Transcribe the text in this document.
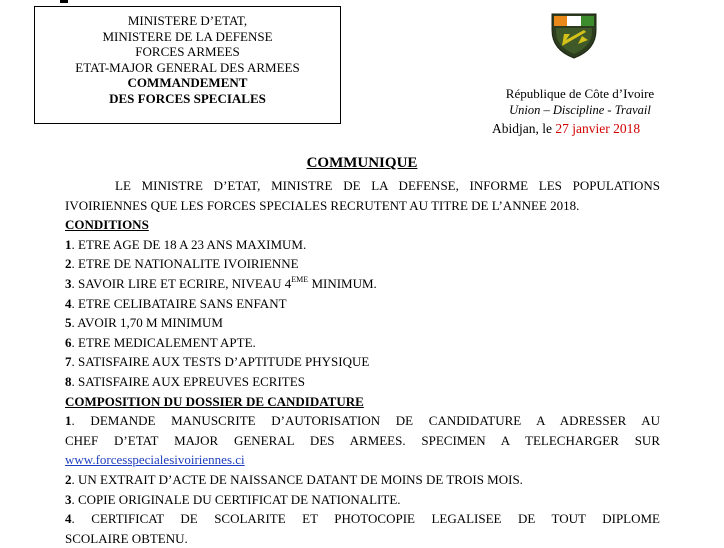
MINISTERE D’ETAT,
MINISTERE DE LA DEFENSE
FORCES ARMEES
ETAT-MAJOR GENERAL DES ARMEES
COMMANDEMENT
DES FORCES SPECIALES	République de Côte d’Ivoire
Union – Discipline - Travail
Abidjan, le 27 janvier 2018
COMMUNIQUE

LE MINISTRE D’ETAT, MINISTRE DE LA DEFENSE, INFORME LES POPULATIONS

IVOIRIENNES QUE LES FORCES SPECIALES RECRUTENT AU TITRE DE L’ANNEE 2018.

CONDITIONS

1. ETRE AGE DE 18 A 23 ANS MAXIMUM.

2. ETRE DE NATIONALITE IVOIRIENNE

3. SAVOIR LIRE ET ECRIRE, NIVEAU 4EME MINIMUM.

4. ETRE CELIBATAIRE SANS ENFANT

5. AVOIR 1,70 M MINIMUM

6. ETRE MEDICALEMENT APTE.

7. SATISFAIRE AUX TESTS D’APTITUDE PHYSIQUE

8. SATISFAIRE AUX EPREUVES ECRITES

COMPOSITION DU DOSSIER DE CANDIDATURE

1. DEMANDE MANUSCRITE D’AUTORISATION DE CANDIDATURE A ADRESSER AU

CHEF D’ETAT MAJOR GENERAL DES ARMEES. SPECIMEN A TELECHARGER SUR

www.forcesspecialesivoiriennes.ci

2. UN EXTRAIT D’ACTE DE NAISSANCE DATANT DE MOINS DE TROIS MOIS.

3. COPIE ORIGINALE DU CERTIFICAT DE NATIONALITE.

4. CERTIFICAT DE SCOLARITE ET PHOTOCOPIE LEGALISEE DE TOUT DIPLOME

SCOLAIRE OBTENU.
